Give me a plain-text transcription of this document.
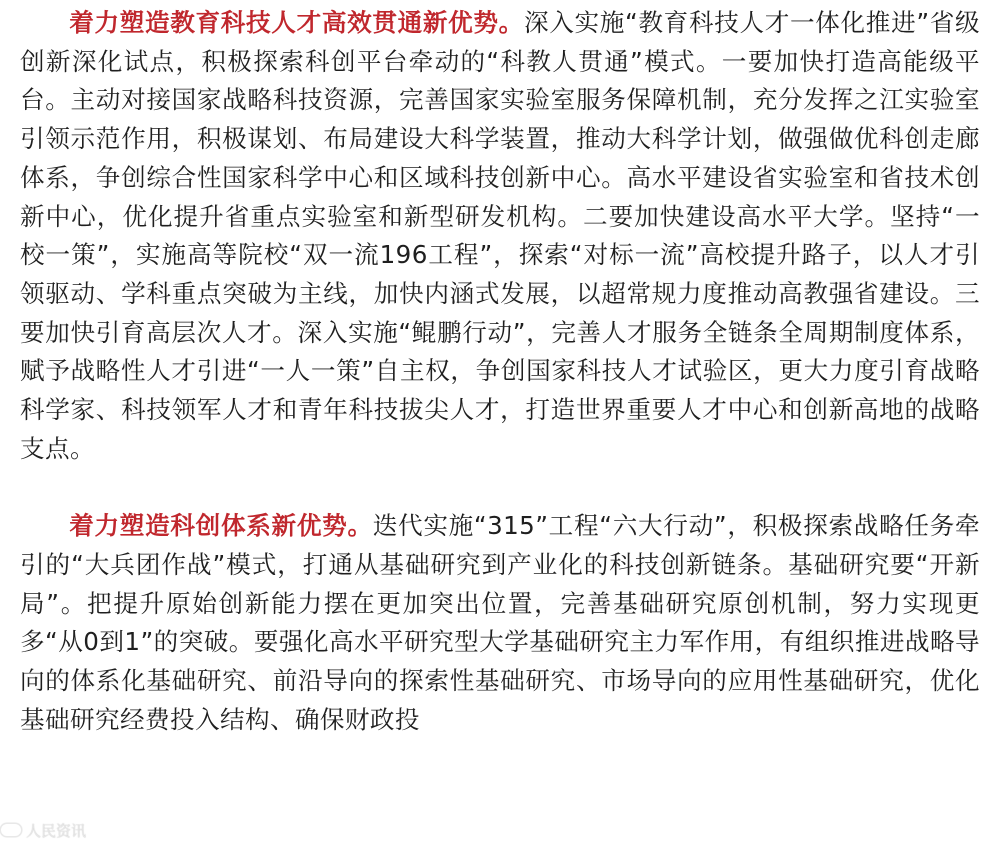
着力塑造教育科技人才高效贯通新优势。深入实施“教育科技人才一体化推进”省级创新深化试点，积极探索科创平台牵动的“科教人贯通”模式。一要加快打造高能级平台。主动对接国家战略科技资源，完善国家实验室服务保障机制，充分发挥之江实验室引领示范作用，积极谋划、布局建设大科学装置，推动大科学计划，做强做优科创走廊体系，争创综合性国家科学中心和区域科技创新中心。高水平建设省实验室和省技术创新中心，优化提升省重点实验室和新型研发机构。二要加快建设高水平大学。坚持“一校一策”，实施高等院校“双一流196工程”，探索“对标一流”高校提升路子，以人才引领驱动、学科重点突破为主线，加快内涵式发展，以超常规力度推动高教强省建设。三要加快引育高层次人才。深入实施“鲲鹏行动”，完善人才服务全链条全周期制度体系，赋予战略性人才引进“一人一策”自主权，争创国家科技人才试验区，更大力度引育战略科学家、科技领军人才和青年科技拔尖人才，打造世界重要人才中心和创新高地的战略支点。

着力塑造科创体系新优势。迭代实施“315”工程“六大行动”，积极探索战略任务牵引的“大兵团作战”模式，打通从基础研究到产业化的科技创新链条。基础研究要“开新局”。把提升原始创新能力摆在更加突出位置，完善基础研究原创机制，努力实现更多“从0到1”的突破。要强化高水平研究型大学基础研究主力军作用，有组织推进战略导向的体系化基础研究、前沿导向的探索性基础研究、市场导向的应用性基础研究，优化基础研究经费投入结构、确保财政投

人民资讯
